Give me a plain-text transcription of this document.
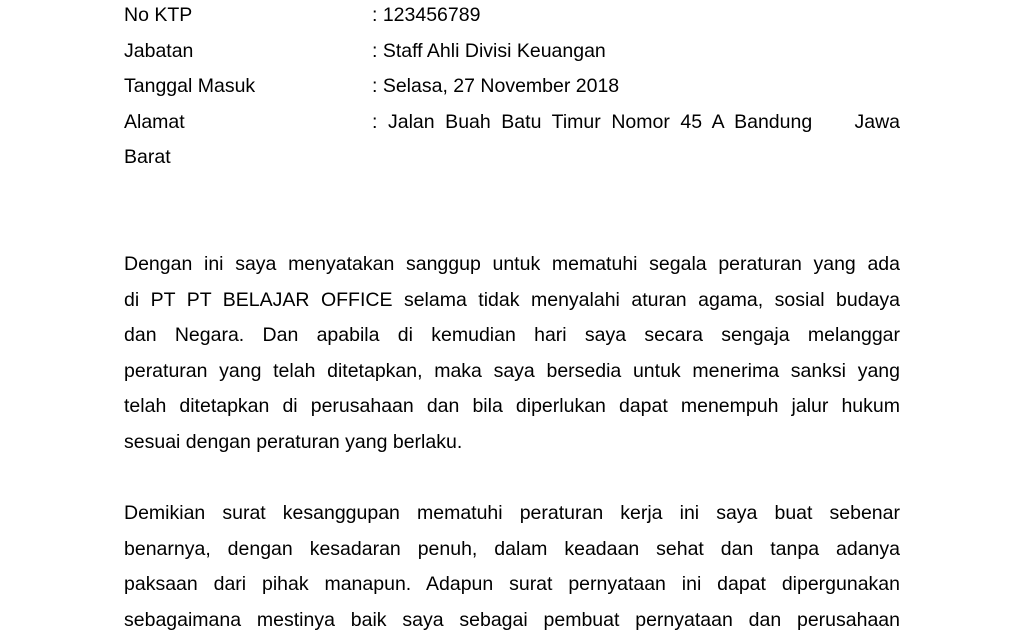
No KTP	: 123456789
Jabatan	: Staff Ahli Divisi Keuangan
Tanggal Masuk	: Selasa, 27 November 2018
Alamat	: Jalan Buah Batu Timur Nomor 45 A Bandung    Jawa
Barat
Dengan ini saya menyatakan sanggup untuk mematuhi segala peraturan yang ada
di PT PT BELAJAR OFFICE selama tidak menyalahi aturan agama, sosial budaya
dan Negara. Dan apabila di kemudian hari saya secara sengaja melanggar
peraturan yang telah ditetapkan, maka saya bersedia untuk menerima sanksi yang
telah ditetapkan di perusahaan dan bila diperlukan dapat menempuh jalur hukum
sesuai dengan peraturan yang berlaku.
Demikian surat kesanggupan mematuhi peraturan kerja ini saya buat sebenar
benarnya, dengan kesadaran penuh, dalam keadaan sehat dan tanpa adanya
paksaan dari pihak manapun. Adapun surat pernyataan ini dapat dipergunakan
sebagaimana mestinya baik saya sebagai pembuat pernyataan dan perusahaan
